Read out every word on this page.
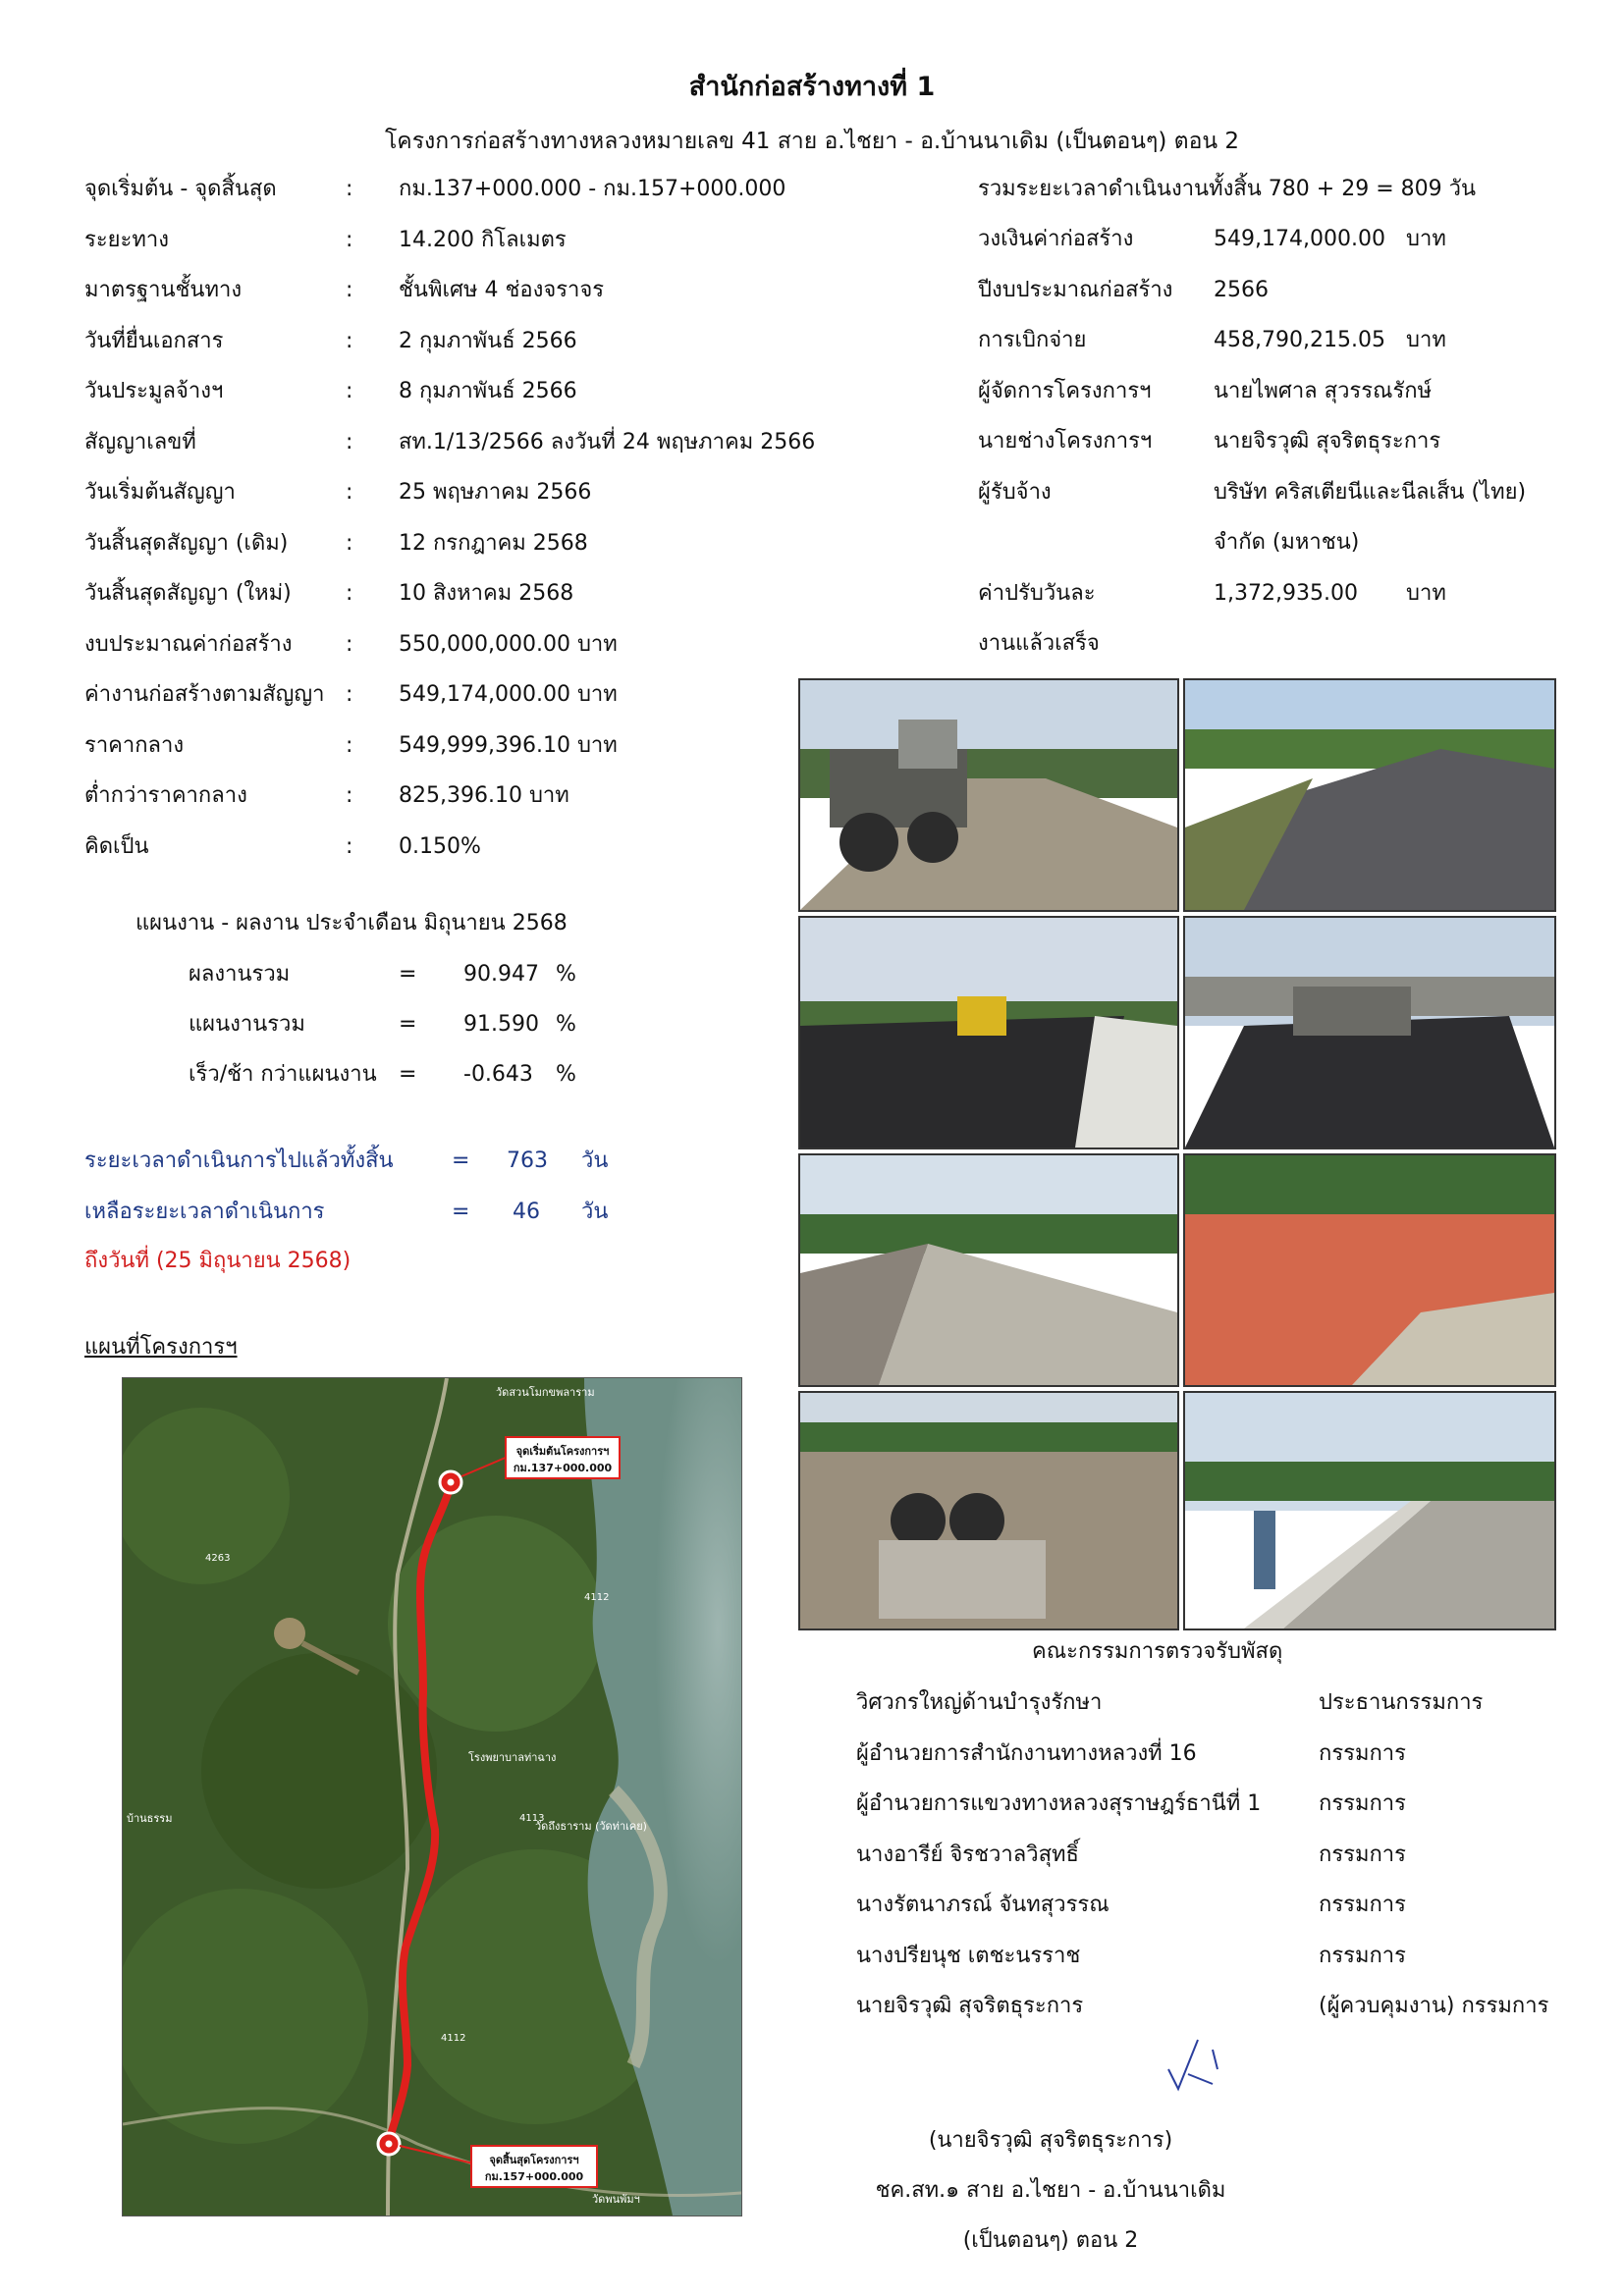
สำนักก่อสร้างทางที่ 1
โครงการก่อสร้างทางหลวงหมายเลข 41 สาย อ.ไชยา - อ.บ้านนาเดิม (เป็นตอนๆ) ตอน 2
จุดเริ่มต้น - จุดสิ้นสุด	: กม.137+000.000 - กม.157+000.000
ระยะทาง	: 14.200 กิโลเมตร
มาตรฐานชั้นทาง	: ชั้นพิเศษ 4 ช่องจราจร
วันที่ยื่นเอกสาร	: 2 กุมภาพันธ์ 2566
วันประมูลจ้างฯ	: 8 กุมภาพันธ์ 2566
สัญญาเลขที่	: สท.1/13/2566 ลงวันที่ 24 พฤษภาคม 2566
วันเริ่มต้นสัญญา	: 25 พฤษภาคม 2566
วันสิ้นสุดสัญญา (เดิม)	: 12 กรกฎาคม 2568
วันสิ้นสุดสัญญา (ใหม่)	: 10 สิงหาคม 2568
งบประมาณค่าก่อสร้าง : 550,000,000.00 บาท
ค่างานก่อสร้างตามสัญญา : 549,174,000.00 บาท
ราคากลาง	: 549,999,396.10 บาท
ต่ำกว่าราคากลาง	: 825,396.10 บาท
คิดเป็น	: 0.150%
รวมระยะเวลาดำเนินงานทั้งสิ้น 780 + 29 = 809 วัน
วงเงินค่าก่อสร้าง	549,174,000.00 บาท
ปีงบประมาณก่อสร้าง 2566
การเบิกจ่าย	458,790,215.05 บาท
ผู้จัดการโครงการฯ	นายไพศาล สุวรรณรักษ์
นายช่างโครงการฯ	นายจิรวุฒิ สุจริตธุระการ
ผู้รับจ้าง	บริษัท คริสเตียนีและนีลเส็น (ไทย)
จำกัด (มหาชน)
ค่าปรับวันละ	1,372,935.00 บาท
งานแล้วเสร็จ
แผนงาน - ผลงาน ประจำเดือน มิถุนายน 2568
ผลงานรวม	= 90.947 %
แผนงานรวม	= 91.590 %
เร็ว/ช้า กว่าแผนงาน = -0.643 %
ระยะเวลาดำเนินการไปแล้วทั้งสิ้น	= 763 วัน
เหลือระยะเวลาดำเนินการ	= 46 วัน
ถึงวันที่ (25 มิถุนายน 2568)
แผนที่โครงการฯ
จุดเริ่มต้นโครงการฯ
กม.137+000.000
จุดสิ้นสุดโครงการฯ
กม.157+000.000
วัดสวนโมกขพลาราม
โรงพยาบาลท่าฉาง
วัดถึงธาราม (วัดท่าเคย)
บ้านธรรม
วัดพนพัมฯ
4263
4112
4113
4112
คณะกรรมการตรวจรับพัสดุ
วิศวกรใหญ่ด้านบำรุงรักษา	ประธานกรรมการ
ผู้อำนวยการสำนักงานทางหลวงที่ 16	กรรมการ
ผู้อำนวยการแขวงทางหลวงสุราษฎร์ธานีที่ 1	กรรมการ
นางอารีย์ จิรชวาลวิสุทธิ์	กรรมการ
นางรัตนาภรณ์ จันทสุวรรณ	กรรมการ
นางปรียนุช เตชะนรราช	กรรมการ
นายจิรวุฒิ สุจริตธุระการ	(ผู้ควบคุมงาน) กรรมการ
(นายจิรวุฒิ สุจริตธุระการ)
ชค.สท.๑ สาย อ.ไชยา - อ.บ้านนาเดิม
(เป็นตอนๆ) ตอน 2
